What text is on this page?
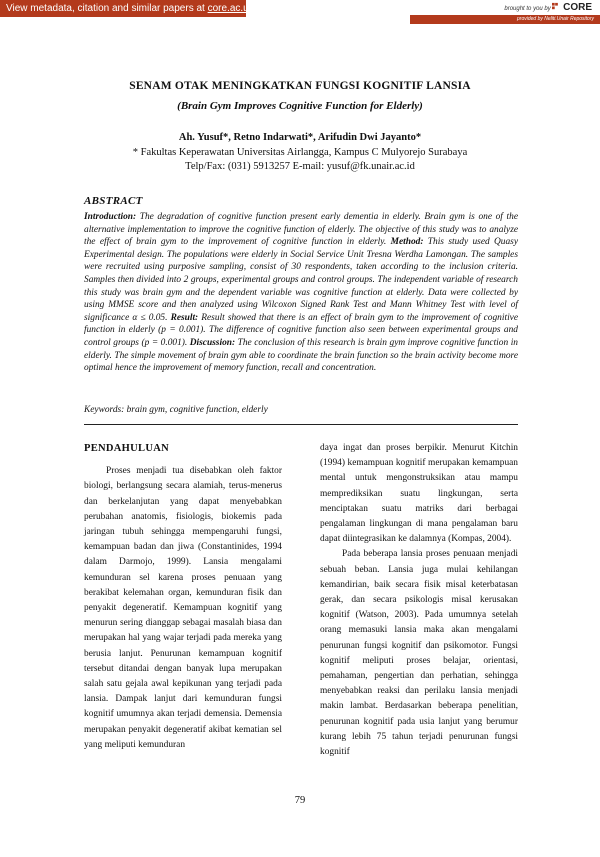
View metadata, citation and similar papers at core.ac.uk	brought to you by CORE
provided by Neliti.Unair Repository
SENAM OTAK MENINGKATKAN FUNGSI KOGNITIF LANSIA
(Brain Gym Improves Cognitive Function for Elderly)
Ah. Yusuf*, Retno Indarwati*, Arifudin Dwi Jayanto*
* Fakultas Keperawatan Universitas Airlangga, Kampus C Mulyorejo Surabaya
Telp/Fax: (031) 5913257 E-mail: yusuf@fk.unair.ac.id
ABSTRACT
Introduction: The degradation of cognitive function present early dementia in elderly. Brain gym is one of the alternative implementation to improve the cognitive function of elderly. The objective of this study was to analyze the effect of brain gym to the improvement of cognitive function in elderly. Method: This study used Quasy Experimental design. The populations were elderly in Social Service Unit Tresna Werdha Lamongan. The samples were recruited using purposive sampling, consist of 30 respondents, taken according to the inclusion criteria. Samples then divided into 2 groups, experimental groups and control groups. The independent variable of research this study was brain gym and the dependent variable was cognitive function at elderly. Data were collected by using MMSE score and then analyzed using Wilcoxon Signed Rank Test and Mann Whitney Test with level of significance α ≤ 0.05. Result: Result showed that there is an effect of brain gym to the improvement of cognitive function in elderly (p = 0.001). The difference of cognitive function also seen between experimental groups and control groups (p = 0.001). Discussion: The conclusion of this research is brain gym improve cognitive function in elderly. The simple movement of brain gym able to coordinate the brain function so the brain activity become more optimal hence the improvement of memory function, recall and concentration.
Keywords: brain gym, cognitive function, elderly
PENDAHULUAN

Proses menjadi tua disebabkan oleh faktor biologi, berlangsung secara alamiah, terus-menerus dan berkelanjutan yang dapat menyebabkan perubahan anatomis, fisiologis, biokemis pada jaringan tubuh sehingga mempengaruhi fungsi, kemampuan badan dan jiwa (Constantinides, 1994 dalam Darmojo, 1999). Lansia mengalami kemunduran sel karena proses penuaan yang berakibat kelemahan organ, kemunduran fisik dan penyakit degeneratif. Kemampuan kognitif yang menurun sering dianggap sebagai masalah biasa dan merupakan hal yang wajar terjadi pada mereka yang berusia lanjut. Penurunan kemampuan kognitif tersebut ditandai dengan banyak lupa merupakan salah satu gejala awal kepikunan yang terjadi pada lansia. Dampak lanjut dari kemunduran fungsi kognitif umumnya akan terjadi demensia. Demensia merupakan penyakit degeneratif akibat kematian sel yang meliputi kemunduran

daya ingat dan proses berpikir. Menurut Kitchin (1994) kemampuan kognitif merupakan kemampuan mental untuk mengonstruksikan atau mampu memprediksikan suatu lingkungan, serta menciptakan suatu matriks dari berbagai pengalaman lingkungan di mana pengalaman baru dapat diintegrasikan ke dalamnya (Kompas, 2004).

Pada beberapa lansia proses penuaan menjadi sebuah beban. Lansia juga mulai kehilangan kemandirian, baik secara fisik misal keterbatasan gerak, dan secara psikologis misal kerusakan kognitif (Watson, 2003). Pada umumnya setelah orang memasuki lansia maka akan mengalami penurunan fungsi kognitif dan psikomotor. Fungsi kognitif meliputi proses belajar, orientasi, pemahaman, pengertian dan perhatian, sehingga menyebabkan reaksi dan perilaku lansia menjadi makin lambat. Berdasarkan beberapa penelitian, penurunan kognitif pada usia lanjut yang berumur kurang lebih 75 tahun terjadi penurunan fungsi kognitif

79
